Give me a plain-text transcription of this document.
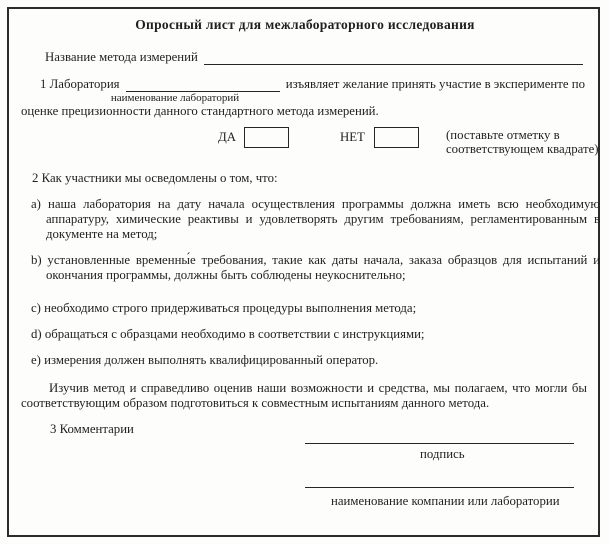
Опросный лист для межлабораторного исследования
Название метода измерений
1 Лаборатория	изъявляет желание принять участие в эксперименте по
наименование лабораторий
оценке прецизионности данного стандартного метода измерений.
ДА	НЕТ	(поставьте отметку в соответствующем квадрате)
2 Как участники мы осведомлены о том, что:
a) наша лаборатория на дату начала осуществления программы должна иметь всю необходимую аппаратуру, химические реактивы и удовлетворять другим требованиям, регламентированным в документе на метод;
b) установленные временны́е требования, такие как даты начала, заказа образцов для испытаний и окончания программы, должны быть соблюдены неукоснительно;
c) необходимо строго придерживаться процедуры выполнения метода;
d) обращаться с образцами необходимо в соответствии с инструкциями;
e) измерения должен выполнять квалифицированный оператор.
Изучив метод и справедливо оценив наши возможности и средства, мы полагаем, что могли бы соответствующим образом подготовиться к совместным испытаниям данного метода.
3 Комментарии
подпись
наименование компании или лаборатории
